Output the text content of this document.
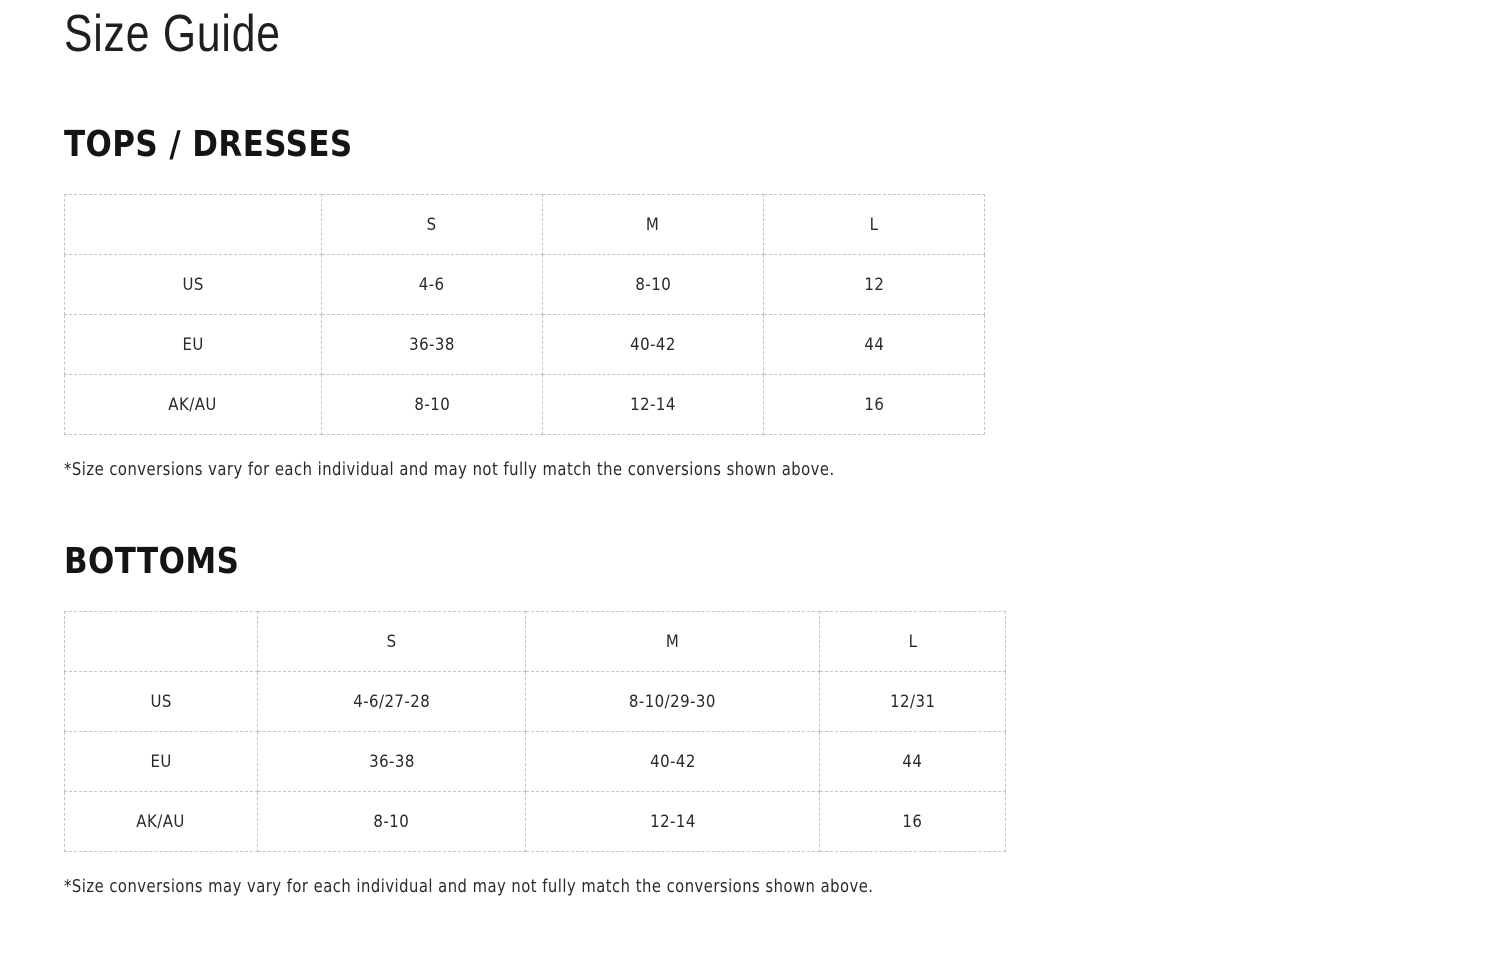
Size Guide
TOPS / DRESSES
	S	M	L
US	4-6	8-10	12
EU	36-38	40-42	44
AK/AU	8-10	12-14	16

*Size conversions vary for each individual and may not fully match the conversions shown above.

BOTTOMS
	S	M	L
US	4-6/27-28	8-10/29-30	12/31
EU	36-38	40-42	44
AK/AU	8-10	12-14	16

*Size conversions may vary for each individual and may not fully match the conversions shown above.
